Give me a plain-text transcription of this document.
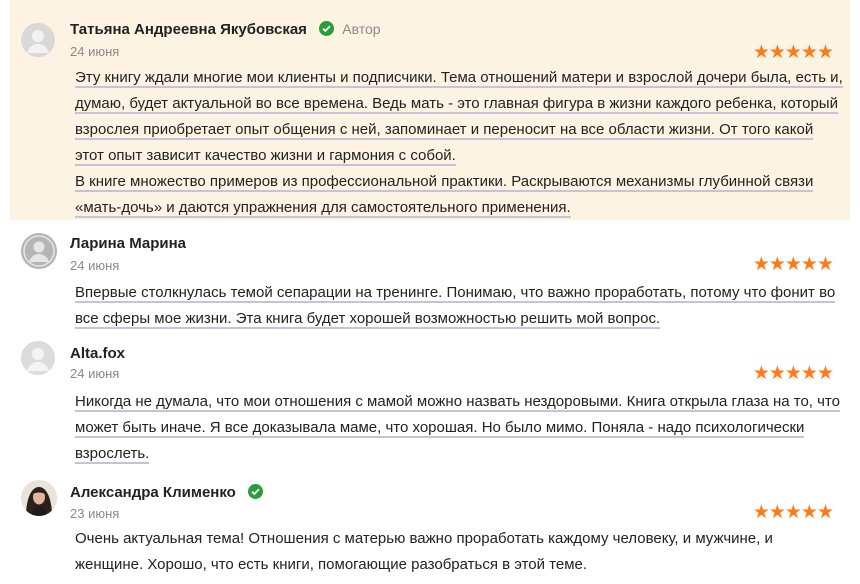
Татьяна Андреевна Якубовская	Автор
24 июня	★★★★★

Эту книгу ждали многие мои клиенты и подписчики. Тема отношений матери и взрослой дочери была, есть и, думаю, будет актуальной во все времена. Ведь мать - это главная фигура в жизни каждого ребенка, который взрослея приобретает опыт общения с ней, запоминает и переносит на все области жизни. От того какой этот опыт зависит качество жизни и гармония с собой.

В книге множество примеров из профессиональной практики. Раскрываются механизмы глубинной связи «мать-дочь» и даются упражнения для самостоятельного применения.

Ларина Марина
24 июня	★★★★★

Впервые столкнулась темой сепарации на тренинге. Понимаю, что важно проработать, потому что фонит во все сферы мое жизни. Эта книга будет хорошей возможностью решить мой вопрос.

Alta.fox
24 июня	★★★★★

Никогда не думала, что мои отношения с мамой можно назвать нездоровыми. Книга открыла глаза на то, что может быть иначе. Я все доказывала маме, что хорошая. Но было мимо. Поняла - надо психологически взрослеть.

Александра Клименко
23 июня	★★★★★

Очень актуальная тема! Отношения с матерью важно проработать каждому человеку, и мужчине, и женщине. Хорошо, что есть книги, помогающие разобраться в этой теме.
